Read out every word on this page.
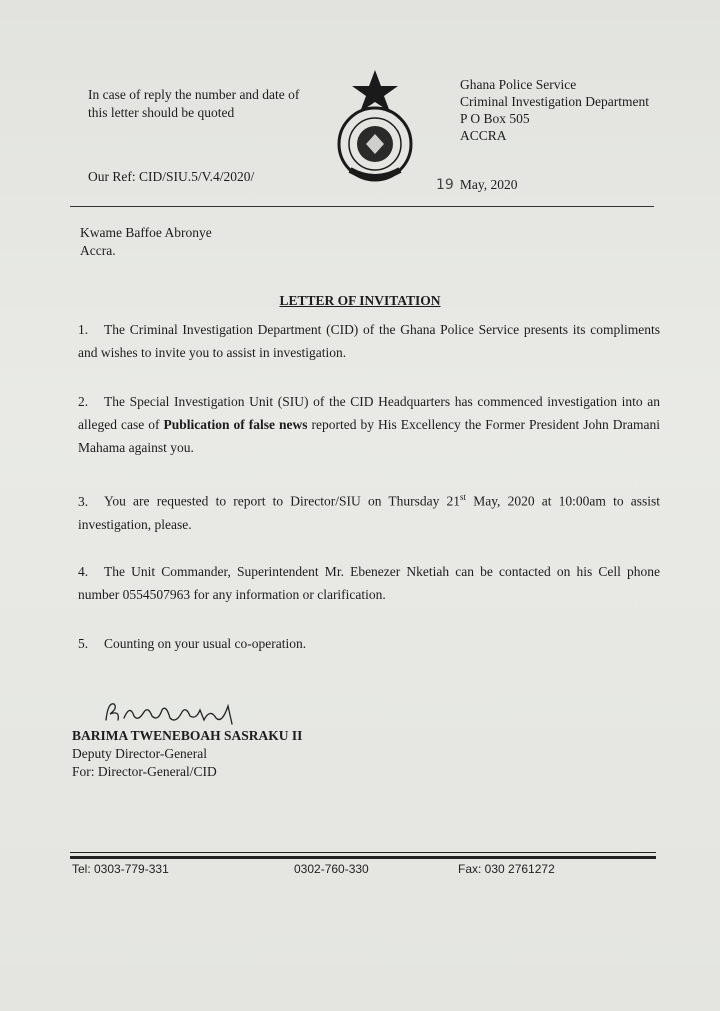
In case of reply the number and date of this letter should be quoted
Ghana Police Service
Criminal Investigation Department
P O Box 505
ACCRA
Our Ref: CID/SIU.5/V.4/2020/
19 May, 2020
Kwame Baffoe Abronye
Accra.
LETTER OF INVITATION
1. The Criminal Investigation Department (CID) of the Ghana Police Service presents its compliments and wishes to invite you to assist in investigation.
2. The Special Investigation Unit (SIU) of the CID Headquarters has commenced investigation into an alleged case of Publication of false news reported by His Excellency the Former President John Dramani Mahama against you.
3. You are requested to report to Director/SIU on Thursday 21st May, 2020 at 10:00am to assist investigation, please.
4. The Unit Commander, Superintendent Mr. Ebenezer Nketiah can be contacted on his Cell phone number 0554507963 for any information or clarification.
5. Counting on your usual co-operation.
BARIMA TWENEBOAH SASRAKU II
Deputy Director-General
For: Director-General/CID
Tel: 0303-779-331	0302-760-330	Fax: 030 2761272
